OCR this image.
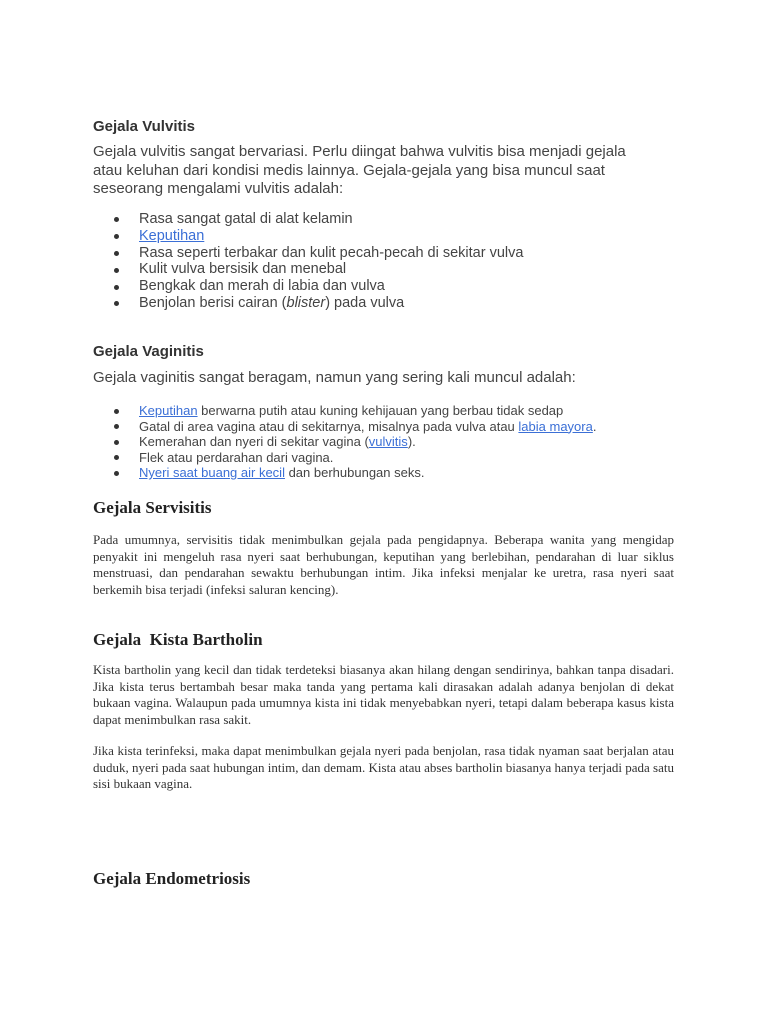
Gejala Vulvitis

Gejala vulvitis sangat bervariasi. Perlu diingat bahwa vulvitis bisa menjadi gejala atau keluhan dari kondisi medis lainnya. Gejala-gejala yang bisa muncul saat seseorang mengalami vulvitis adalah:

Rasa sangat gatal di alat kelamin
Keputihan
Rasa seperti terbakar dan kulit pecah-pecah di sekitar vulva
Kulit vulva bersisik dan menebal
Bengkak dan merah di labia dan vulva
Benjolan berisi cairan (blister) pada vulva
Gejala Vaginitis

Gejala vaginitis sangat beragam, namun yang sering kali muncul adalah:

Keputihan berwarna putih atau kuning kehijauan yang berbau tidak sedap
Gatal di area vagina atau di sekitarnya, misalnya pada vulva atau labia mayora.
Kemerahan dan nyeri di sekitar vagina (vulvitis).
Flek atau perdarahan dari vagina.
Nyeri saat buang air kecil dan berhubungan seks.
Gejala Servisitis

Pada umumnya, servisitis tidak menimbulkan gejala pada pengidapnya. Beberapa wanita yang mengidap penyakit ini mengeluh rasa nyeri saat berhubungan, keputihan yang berlebihan, pendarahan di luar siklus menstruasi, dan pendarahan sewaktu berhubungan intim. Jika infeksi menjalar ke uretra, rasa nyeri saat berkemih bisa terjadi (infeksi saluran kencing).

Gejala  Kista Bartholin

Kista bartholin yang kecil dan tidak terdeteksi biasanya akan hilang dengan sendirinya, bahkan tanpa disadari. Jika kista terus bertambah besar maka tanda yang pertama kali dirasakan adalah adanya benjolan di dekat bukaan vagina. Walaupun pada umumnya kista ini tidak menyebabkan nyeri, tetapi dalam beberapa kasus kista dapat menimbulkan rasa sakit.

Jika kista terinfeksi, maka dapat menimbulkan gejala nyeri pada benjolan, rasa tidak nyaman saat berjalan atau duduk, nyeri pada saat hubungan intim, dan demam. Kista atau abses bartholin biasanya hanya terjadi pada satu sisi bukaan vagina.

Gejala Endometriosis
